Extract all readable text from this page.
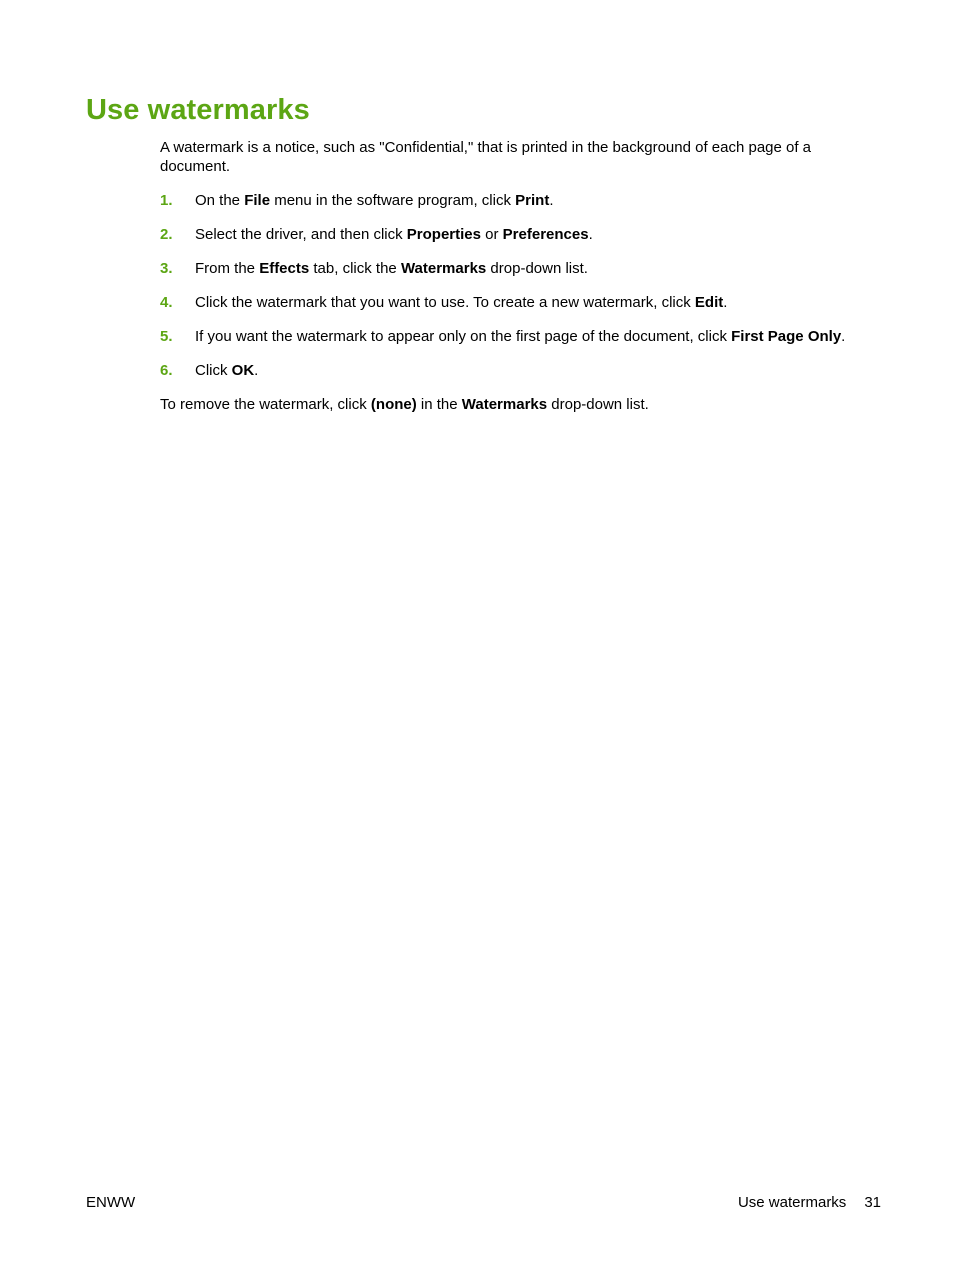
Use watermarks

A watermark is a notice, such as "Confidential," that is printed in the background of each page of a document.

1. On the File menu in the software program, click Print.
2. Select the driver, and then click Properties or Preferences.
3. From the Effects tab, click the Watermarks drop-down list.
4. Click the watermark that you want to use. To create a new watermark, click Edit.
5. If you want the watermark to appear only on the first page of the document, click First Page Only.
6. Click OK.

To remove the watermark, click (none) in the Watermarks drop-down list.

ENWW	Use watermarks 31
